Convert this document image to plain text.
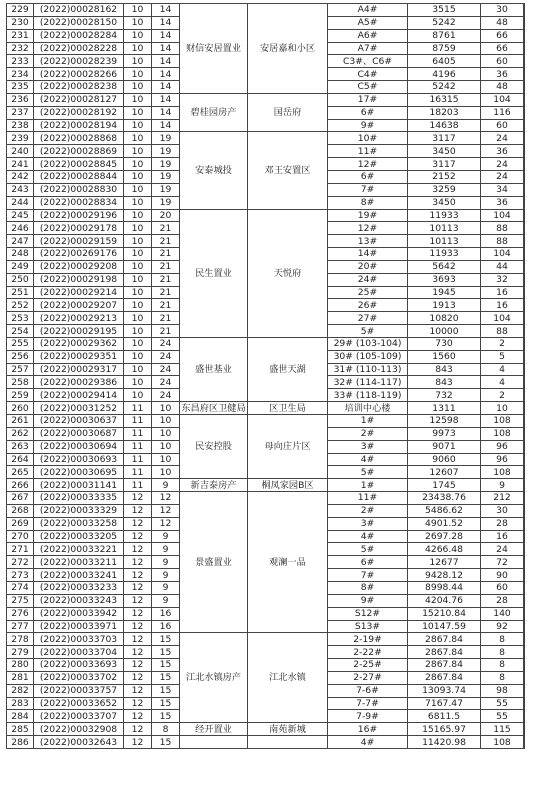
229	(2022)00028162	10	14	财信安居置业	安居嘉和小区	A4#	3515	30	
230	(2022)00028150	10	14			A5#	5242	48	
231	(2022)00028284	10	14			A6#	8761	66	
232	(2022)00028228	10	14			A7#	8759	66	
233	(2022)00028239	10	14			C3#、C6#	6405	60	
234	(2022)00028266	10	14			C4#	4196	36	
235	(2022)00028238	10	14			C5#	5242	48	
236	(2022)00028127	10	14	碧桂园房产	国岳府	17#	16315	104	
237	(2022)00028192	10	14			6#	18203	116	
238	(2022)00028194	10	14			9#	14638	60	
239	(2022)00028868	10	19	安泰城投	邓王安置区	10#	3117	24	
240	(2022)00028869	10	19			11#	3450	36	
241	(2022)00028845	10	19			12#	3117	24	
242	(2022)00028844	10	19			6#	2152	24	
243	(2022)00028830	10	19			7#	3259	34	
244	(2022)00028834	10	19			8#	3450	36	
245	(2022)00029196	10	20	民生置业	天悦府	19#	11933	104	
246	(2022)00029178	10	21			12#	10113	88	
247	(2022)00029159	10	21			13#	10113	88	
248	(2022)00269176	10	21			14#	11933	104	
249	(2022)00029208	10	21			20#	5642	44	
250	(2022)00029198	10	21			24#	3693	32	
251	(2022)00029214	10	21			25#	1945	16	
252	(2022)00029207	10	21			26#	1913	16	
253	(2022)00029213	10	21			27#	10820	104	
254	(2022)00029195	10	21			5#	10000	88	
255	(2022)00029362	10	24	盛世基业	盛世天湖	29# (103-104)	730	2	
256	(2022)00029351	10	24			30# (105-109)	1560	5	
257	(2022)00029317	10	24			31# (110-113)	843	4	
258	(2022)00029386	10	24			32# (114-117)	843	4	
259	(2022)00029414	10	24			33# (118-119)	732	2	
260	(2022)00031252	11	10	东昌府区卫健局	区卫生局	培训中心楼	1311	10	
261	(2022)00030637	11	10	民安控股	母向庄片区	1#	12598	108	
262	(2022)00030687	11	10			2#	9973	108	
263	(2022)00030694	11	10			3#	9071	96	
264	(2022)00030693	11	10			4#	9060	96	
265	(2022)00030695	11	10			5#	12607	108	
266	(2022)00031141	11	9	新吉泰房产	桐凤家园B区	1#	1745	9	
267	(2022)00033335	12	12	景盛置业	观澜一品	11#	23438.76	212	
268	(2022)00033329	12	12			2#	5486.62	30	
269	(2022)00033258	12	12			3#	4901.52	28	
270	(2022)00033205	12	9			4#	2697.28	16	
271	(2022)00033221	12	9			5#	4266.48	24	
272	(2022)00033211	12	9			6#	12677	72	
273	(2022)00033241	12	9			7#	9428.12	90	
274	(2022)00033233	12	9			8#	8998.44	60	
275	(2022)00033243	12	9			9#	4204.76	28	
276	(2022)00033942	12	16			S12#	15210.84	140	
277	(2022)00033971	12	16			S13#	10147.59	92	
278	(2022)00033703	12	15	江北水镇房产	江北水镇	2-19#	2867.84	8	
279	(2022)00033704	12	15			2-22#	2867.84	8	
280	(2022)00033693	12	15			2-25#	2867.84	8	
281	(2022)00033702	12	15			2-27#	2867.84	8	
282	(2022)00033757	12	15			7-6#	13093.74	98	
283	(2022)00033652	12	15			7-7#	7167.47	55	
284	(2022)00033707	12	15			7-9#	6811.5	55	
285	(2022)00032908	12	8	经开置业	南苑新城	16#	15165.97	115	
286	(2022)00032643	12	15			4#	11420.98	108	
